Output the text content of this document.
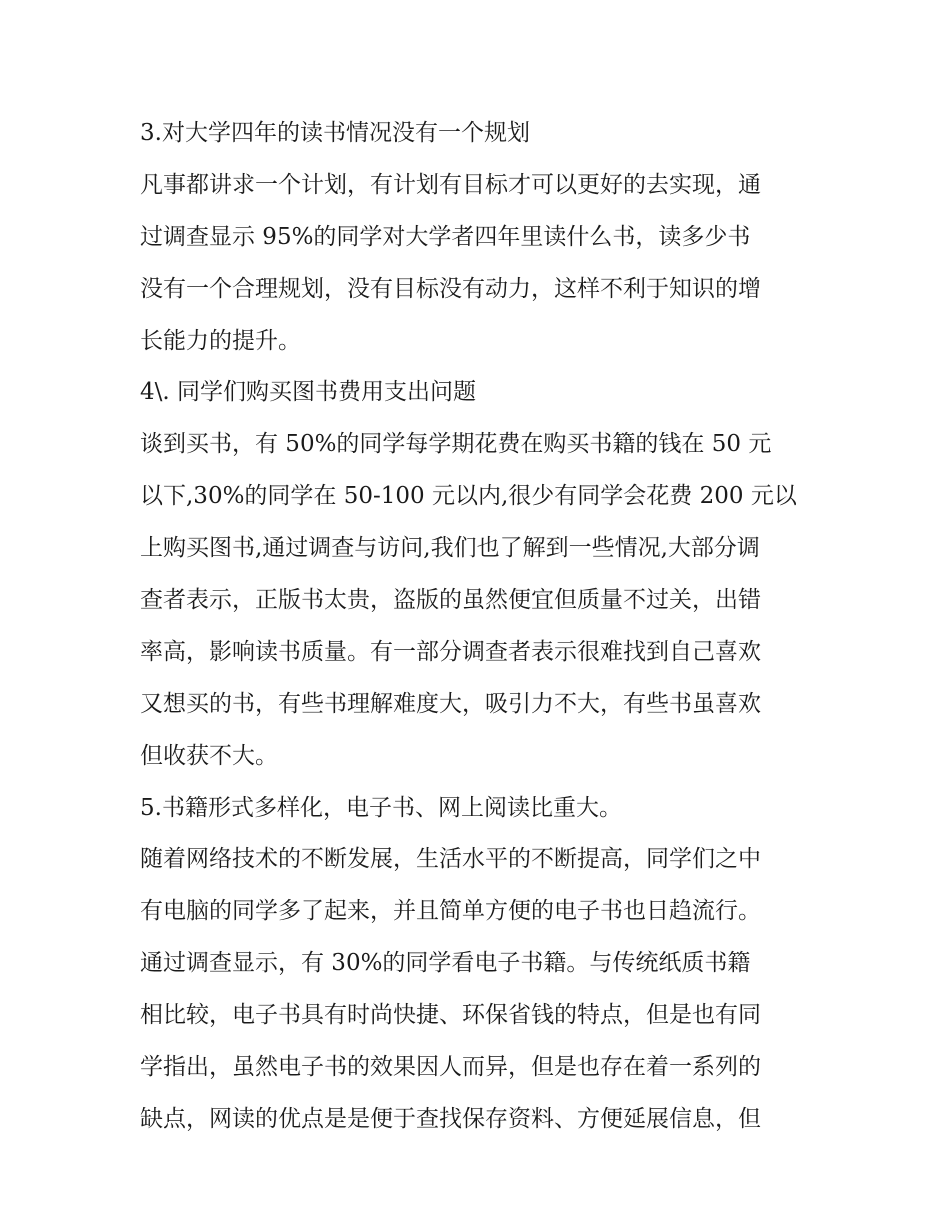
3.对大学四年的读书情况没有一个规划
凡事都讲求一个计划，有计划有目标才可以更好的去实现，通
过调查显示 95%的同学对大学者四年里读什么书，读多少书
没有一个合理规划，没有目标没有动力，这样不利于知识的增
长能力的提升。
4\. 同学们购买图书费用支出问题
谈到买书，有 50%的同学每学期花费在购买书籍的钱在 50 元
以下,30%的同学在 50-100 元以内,很少有同学会花费 200 元以
上购买图书,通过调查与访问,我们也了解到一些情况,大部分调
查者表示，正版书太贵，盗版的虽然便宜但质量不过关，出错
率高，影响读书质量。有一部分调查者表示很难找到自己喜欢
又想买的书，有些书理解难度大，吸引力不大，有些书虽喜欢
但收获不大。
5.书籍形式多样化，电子书、网上阅读比重大。
随着网络技术的不断发展，生活水平的不断提高，同学们之中
有电脑的同学多了起来，并且简单方便的电子书也日趋流行。
通过调查显示，有 30%的同学看电子书籍。与传统纸质书籍
相比较，电子书具有时尚快捷、环保省钱的特点，但是也有同
学指出，虽然电子书的效果因人而异，但是也存在着一系列的
缺点，网读的优点是是便于查找保存资料、方便延展信息，但
